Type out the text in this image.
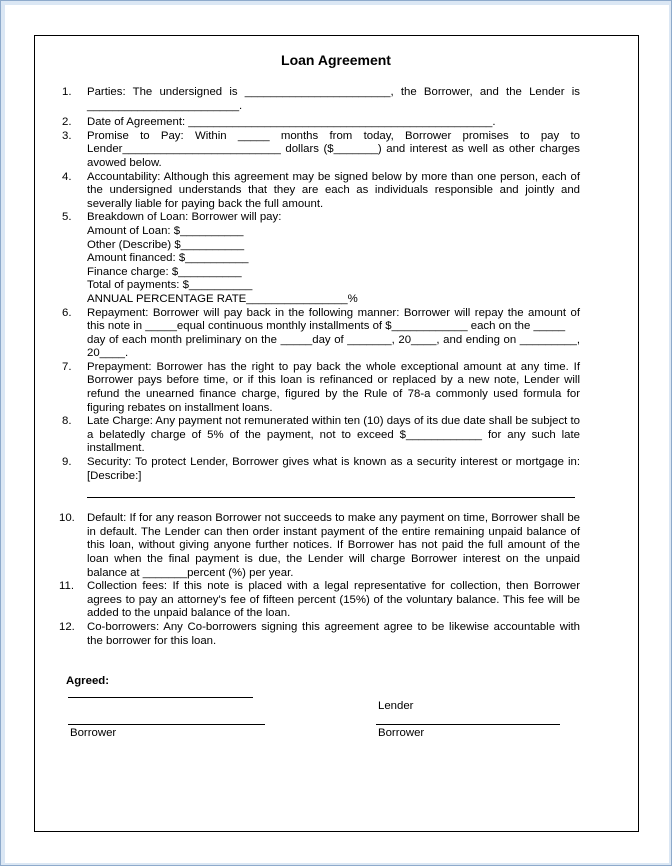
Loan Agreement
1. Parties: The undersigned is _______________________, the Borrower, and the Lender is ________________________.
2. Date of Agreement: ________________________________________________.
3. Promise to Pay: Within _____ months from today, Borrower promises to pay to Lender_________________________ dollars ($_______) and interest as well as other charges avowed below.
4. Accountability: Although this agreement may be signed below by more than one person, each of the undersigned understands that they are each as individuals responsible and jointly and severally liable for paying back the full amount.
5. Breakdown of Loan: Borrower will pay:
Amount of Loan: $__________
Other (Describe) $__________
Amount financed: $__________
Finance charge: $__________
Total of payments: $__________
ANNUAL PERCENTAGE RATE________________%
6. Repayment: Borrower will pay back in the following manner: Borrower will repay the amount of this note in _____equal continuous monthly installments of $____________ each on the _____
day of each month preliminary on the _____day of _______, 20____, and ending on _________, 20____.
7. Prepayment: Borrower has the right to pay back the whole exceptional amount at any time. If Borrower pays before time, or if this loan is refinanced or replaced by a new note, Lender will refund the unearned finance charge, figured by the Rule of 78-a commonly used formula for figuring rebates on installment loans.
8. Late Charge: Any payment not remunerated within ten (10) days of its due date shall be subject to a belatedly charge of 5% of the payment, not to exceed $____________ for any such late installment.
9. Security: To protect Lender, Borrower gives what is known as a security interest or mortgage in: [Describe:]
10. Default: If for any reason Borrower not succeeds to make any payment on time, Borrower shall be in default. The Lender can then order instant payment of the entire remaining unpaid balance of this loan, without giving anyone further notices. If Borrower has not paid the full amount of the loan when the final payment is due, the Lender will charge Borrower interest on the unpaid balance at _______percent (%) per year.
11. Collection fees: If this note is placed with a legal representative for collection, then Borrower agrees to pay an attorney's fee of fifteen percent (15%) of the voluntary balance. This fee will be added to the unpaid balance of the loan.
12. Co-borrowers: Any Co-borrowers signing this agreement agree to be likewise accountable with the borrower for this loan.
Agreed:
Lender
Borrower	Borrower
